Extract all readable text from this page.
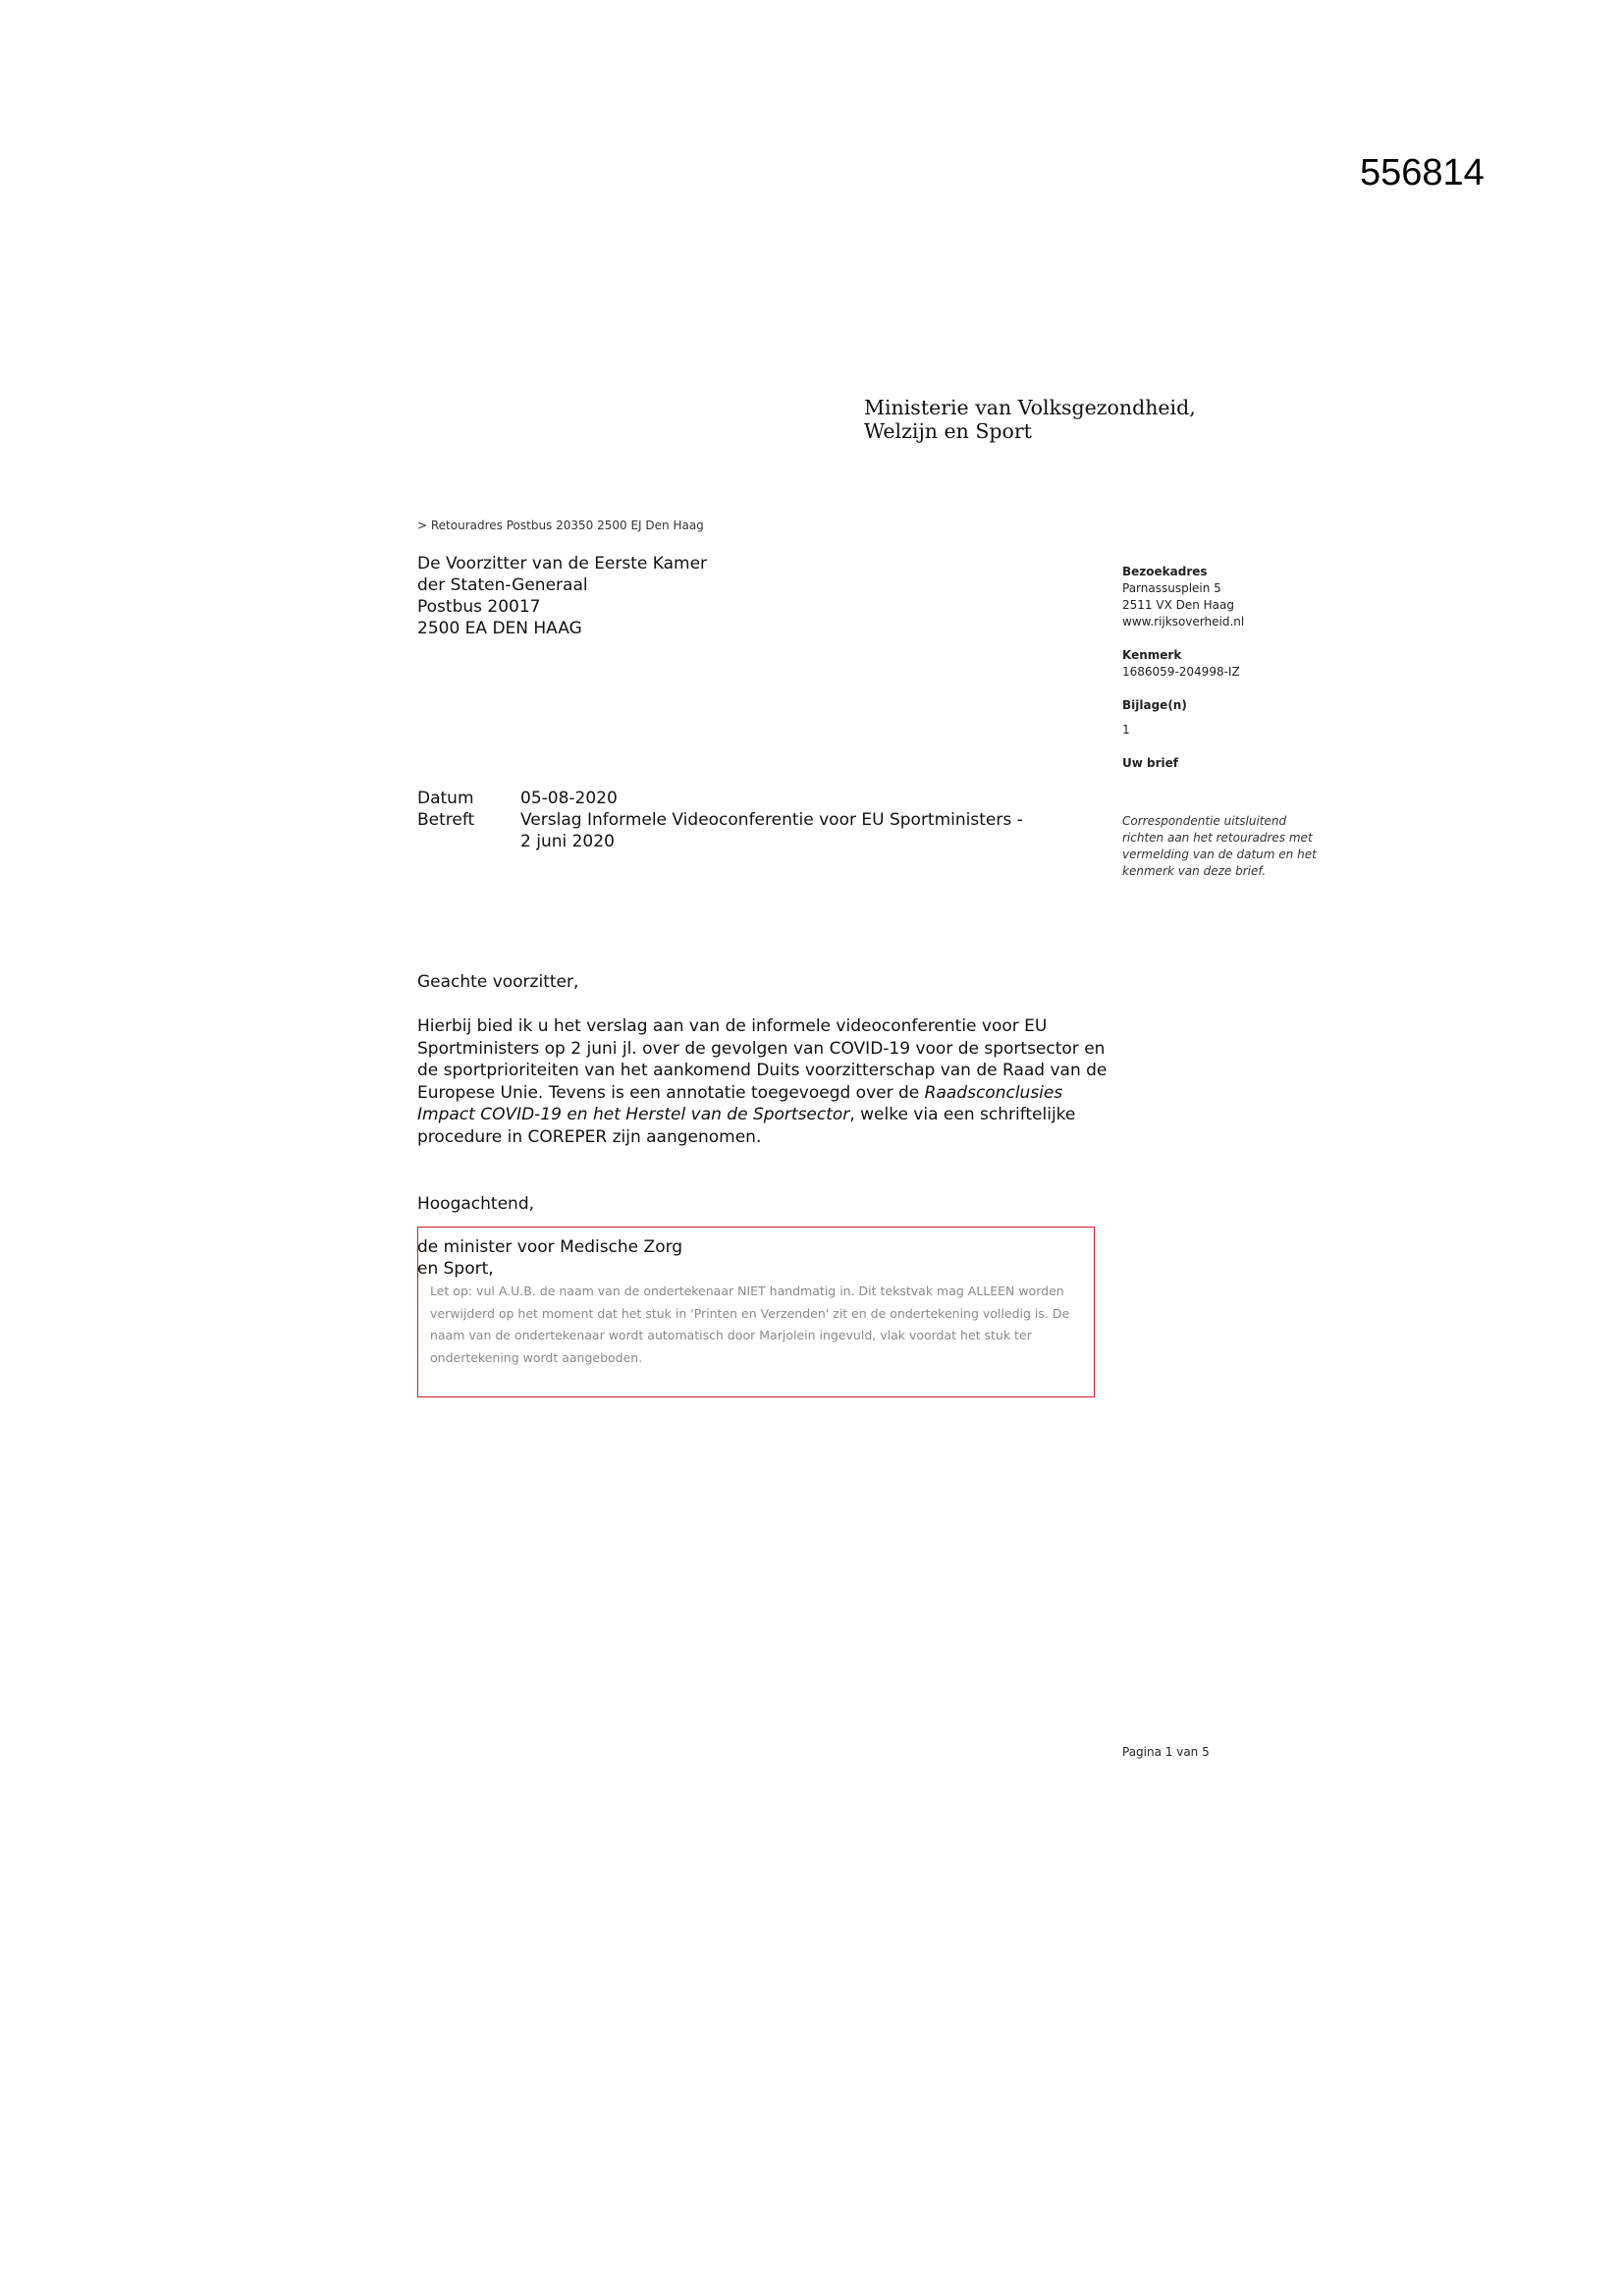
556814
Ministerie van Volksgezondheid,
Welzijn en Sport
> Retouradres Postbus 20350 2500 EJ Den Haag
De Voorzitter van de Eerste Kamer
der Staten-Generaal
Postbus 20017
2500 EA DEN HAAG
Datum	05-08-2020
Betreft	Verslag Informele Videoconferentie voor EU Sportministers -
2 juni 2020
Geachte voorzitter,
Hierbij bied ik u het verslag aan van de informele videoconferentie voor EU Sportministers op 2 juni jl. over de gevolgen van COVID-19 voor de sportsector en de sportprioriteiten van het aankomend Duits voorzitterschap van de Raad van de Europese Unie. Tevens is een annotatie toegevoegd over de Raadsconclusies Impact COVID-19 en het Herstel van de Sportsector, welke via een schriftelijke procedure in COREPER zijn aangenomen.
Hoogachtend,
de minister voor Medische Zorg
en Sport,
Let op: vul A.U.B. de naam van de ondertekenaar NIET handmatig in. Dit tekstvak mag ALLEEN worden verwijderd op het moment dat het stuk in 'Printen en Verzenden' zit en de ondertekening volledig is. De naam van de ondertekenaar wordt automatisch door Marjolein ingevuld, vlak voordat het stuk ter ondertekening wordt aangeboden.
Bezoekadres
Parnassusplein 5
2511 VX Den Haag
www.rijksoverheid.nl
Kenmerk
1686059-204998-IZ
Bijlage(n)
1
Uw brief
Correspondentie uitsluitend richten aan het retouradres met vermelding van de datum en het kenmerk van deze brief.
Pagina 1 van 5
